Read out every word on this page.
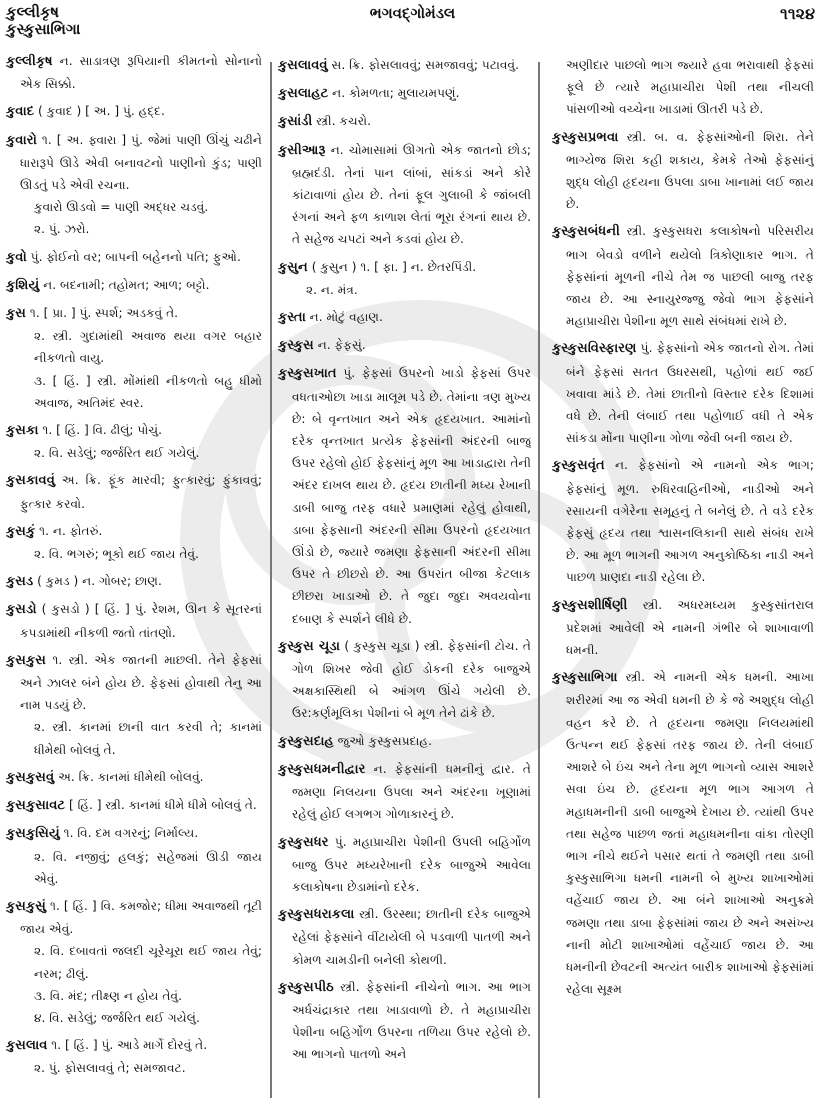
કુલ્લીકૃષ
કુસ્કુસાભિગા
ભગવદ્ગોમંડલ	૧૧૨૪
કુલ્લીકૃષ ન. સાડાત્રણ રૂપિયાની કીમતનો સોનાનો એક સિક્કો.
કુવાદ ( કુવાદ ) [ અ. ] પું. હદ્દ.
કુવારો ૧. [ અ. ફ્વારા ] પું. જેમાં પાણી ઊંચું ચઢીને ધારારૂપે ઊડે એવી બનાવટનો પાણીનો કુંડ; પાણી ઊડતું પડે એવી રચના.
કુવારો ઊડવો = પાણી અદ્ધર ચડવું.
૨. પું. ઝરો.
કુવો પું. ફોઈનો વર; બાપની બહેનનો પતિ; ફુઓ.
કુશિયું ન. બદનામી; તહોમત; આળ; બટ્ટો.
કુસ ૧. [ પ્રા. ] પું. સ્પર્શ; અડકવું તે.
૨. સ્ત્રી. ગુદામાંથી અવાજ થયા વગર બહાર નીકળતો વાયુ.
૩. [ હિં. ] સ્ત્રી. મોંમાંથી નીકળતો બહુ ધીમો અવાજ, અતિમંદ સ્વર.
કુસકા ૧. [ હિં. ] વિ. ઢીલું; પોચું.
૨. વિ. સડેલું; જર્જરિત થઈ ગયેલું.
કુસકાવવું અ. ક્રિ. ફૂંક મારવી; ફુત્કારવું; ફુંકાવવું; ફુત્કાર કરવો.
કુસકું ૧. ન. ફોતરું.
૨. વિ. ભગરું; ભૂકો થઈ જાય તેવું.
કુસડ ( કુમડ ) ન. ગોબર; છાણ.
કુસડો ( કુસડો ) [ હિં. ] પું. રેશમ, ઊન કે સૂતરનાં કપડામાંથી નીકળી જતો તાંતણો.
કુસકુસ ૧. સ્ત્રી. એક જાતની માછલી. તેને ફેફસાં અને ઝાલર બંને હોય છે. ફેફસાં હોવાથી તેનુ આ નામ પડયું છે.
૨. સ્ત્રી. કાનમાં છાની વાત કરવી તે; કાનમાં ધીમેથી બોલવું તે.
કુસકુસવું અ. ક્રિ. કાનમાં ધીમેથી બોલવું.
કુસકુસાવટ [ હિં. ] સ્ત્રી. કાનમાં ધીમે ધીમે બોલવું તે.
કુસકુસિયું ૧. વિ. દમ વગરનું; નિર્માલ્ય.
૨. વિ. નજીવું; હલકું; સહેજમાં ઊડી જાય એવું.
કુસકુસું ૧. [ હિં. ] વિ. કમજોર; ધીમા અવાજથી તૂટી જાય એવું.
૨. વિ. દબાવતાં જલદી ચૂરેચૂરા થઈ જાય તેવું; નરમ; ઢીલું.
૩. વિ. મંદ; તીક્ષ્ણ ન હોય તેવું.
૪. વિ. સડેલું; જર્જરિત થઈ ગયેલું.
કુસલાવ ૧. [ હિં. ] પું. આડે માર્ગે દોરવું તે.
૨. પું. ફોસલાવવું તે; સમજાવટ.
કુસલાવવું સ. ક્રિ. ફોસલાવવું; સમજાવવું; પટાવવું.
કુસલાહટ ન. કોમળતા; મુલાયમપણું.
કુસાંડી સ્ત્રી. કચરો.
કુસીઆરૂ ન. ચોમાસામાં ઊગતો એક જાતનો છોડ; બ્રહ્મદંડી. તેનાં પાન લાંબાં, સાંકડાં અને કોરે કાંટાવાળાં હોય છે. તેનાં ફૂલ ગુલાબી કે જાંબલી રંગનાં અને ફળ કાળાશ લેતાં ભૂરા રંગનાં થાય છે. તે સહેજ ચપટાં અને કડવાં હોય છે.
કુસુન ( કુસુન ) ૧. [ ફા. ] ન. છેતરપિંડી.
૨. ન. મંત્ર.
કુસ્તા ન. મોટું વહાણ.
કુસ્કુસ ન. ફેફસું.
કુસ્કુસખાત પું. ફેફસાં ઉપરનો ખાડો ફેફસાં ઉપર વધતાઓછા ખાડા માલૂમ પડે છે. તેમાંના ત્રણ મુખ્ય છે: બે વૃન્તખાત અને એક હૃદયખાત. આમાંનો દરેક વૃન્તખાત પ્રત્યેક ફેફસાંની અંદરની બાજુ ઉપર રહેલો હોઈ ફેફસાંનું મૂળ આ ખાડાદ્વારા તેની અંદર દાખલ થાય છે. હૃદય છાતીની મધ્ય રેખાની ડાબી બાજુ તરફ વધારે પ્રમાણમાં રહેલું હોવાથી, ડાબા ફેફસાની અંદરની સીમા ઉપરનો હૃદયખાત ઊંડો છે, જ્યારે જમણા ફેફસાની અંદરની સીમા ઉપર તે છીછરો છે. આ ઉપરાંત બીજા કેટલાક છીછરા ખાડાઓ છે. તે જુદા જુદા અવયવોના દબાણ કે સ્પર્શને લીધે છે.
કુસ્કુસ ચૂડા ( કુસ્કુસ ચૂડા ) સ્ત્રી. ફેફસાંની ટોચ. તે ગોળ શિખર જેવી હોઈ ડોકની દરેક બાજુએ અક્ષકાસ્થિથી બે આંગળ ઊંચે ગયેલી છે. ઉર:કર્ણમૂલિકા પેશીનાં બે મૂળ તેને ઢાંકે છે.
કુસ્કુસદાહ જુઓ કુસ્કુસપ્રદાહ.
કુસ્કુસધમનીદ્વાર ન. ફેફસાંની ધમનીનું દ્વાર. તે જમણા નિલયના ઉપલા અને અંદરના ખૂણામાં રહેલું હોઈ લગભગ ગોળાકારનું છે.
કુસ્કુસધર પું. મહાપ્રાચીરા પેશીની ઉપલી બહિર્ગોળ બાજુ ઉપર મધ્યરેખાની દરેક બાજુએ આવેલા કલાકોષના છેડામાંનો દરેક.
કુસ્કુસધરાકલા સ્ત્રી. ઉરસ્થા; છાતીની દરેક બાજુએ રહેલાં ફેફસાંને વીંટાયેલી બે પડવાળી પાતળી અને કોમળ ચામડીની બનેલી કોથળી.
કુસ્કુસપીઠ સ્ત્રી. ફેફસાંની નીચેનો ભાગ. આ ભાગ અર્ધચંદ્રાકાર તથા ખાડાવાળો છે. તે મહાપ્રાચીરા પેશીના બહિર્ગોળ ઉપરના તળિયા ઉપર રહેલો છે. આ ભાગનો પાતળો અને
અણીદાર પાછલો ભાગ જ્યારે હવા ભરાવાથી ફેફસાં ફૂલે છે ત્યારે મહાપ્રાચીરા પેશી તથા નીચલી પાંસળીઓ વચ્ચેના ખાડામાં ઊતરી પડે છે.
કુસ્કુસપ્રભવા સ્ત્રી. બ. વ. ફેફસાંઓની શિરા. તેને ભાગ્યેજ શિરા કહી શકાય, કેમકે તેઓ ફેફસાંનું શુદ્ધ લોહી હૃદયના ઉપલા ડાબા ખાનામાં લઈ જાય છે.
કુસ્કુસબંધની સ્ત્રી. કુસ્કુસધરા કલાકોષનો પરિસરીય ભાગ બેવડો વળીને થયેલો ત્રિકોણાકાર ભાગ. તે ફેફસાંનાં મૂળની નીચે તેમ જ પાછલી બાજુ તરફ જાય છે. આ સ્નાયુરજ્જુ જેવો ભાગ ફેફસાંને મહાપ્રાચીરા પેશીના મૂળ સાથે સંબંધમાં રાખે છે.
કુસ્કુસવિસ્ફારણ પું. ફેફસાંનો એક જાતનો રોગ. તેમાં બંને ફેફસાં સતત ઉધરસથી, પહોળાં થઈ જઈ ખવાવા માંડે છે. તેમાં છાતીનો વિસ્તાર દરેક દિશામાં વધે છે. તેની લંબાઈ તથા પહોળાઈ વધી તે એક સાંકડા મોંના પાણીના ગોળા જેવી બની જાય છે.
કુસ્કુસવૃંત ન. ફેફસાંનો એ નામનો એક ભાગ; ફેફસાંનું મૂળ. રુધિરવાહિનીઓ, નાડીઓ અને રસાયની વગેરેના સમૂહનું તે બનેલું છે. તે વડે દરેક ફેફસું હૃદય તથા શ્વાસનલિકાની સાથે સંબંધ રાખે છે. આ મૂળ ભાગની આગળ અનુકોષ્ઠિકા નાડી અને પાછળ પ્રાણદા નાડી રહેલા છે.
કુસ્કુસશીર્ષિણી સ્ત્રી. અધરમધ્યમ કુસ્કુસાંતરાલ પ્રદેશમાં આવેલી એ નામની ગંભીર બે શાખાવાળી ધમની.
કુસ્કુસાભિગા સ્ત્રી. એ નામની એક ધમની. આખા શરીરમાં આ જ એવી ધમની છે કે જે અશુદ્ધ લોહી વહન કરે છે. તે હૃદયના જમણા નિલયમાંથી ઉત્પન્ન થઈ ફેફસાં તરફ જાય છે. તેની લંબાઈ આશરે બે ઇંચ અને તેના મૂળ ભાગનો વ્યાસ આશરે સવા ઇંચ છે. હૃદયના મૂળ ભાગ આગળ તે મહાધમનીની ડાબી બાજુએ દેખાય છે. ત્યાંથી ઉપર તથા સહેજ પાછળ જતાં મહાધમનીના વાંકા તોરણી ભાગ નીચે થઈને પસાર થતાં તે જમણી તથા ડાબી કુસ્કુસાભિગા ધમની નામની બે મુખ્ય શાખાઓમાં વહેંચાઈ જાય છે. આ બંને શાખાઓ અનુક્રમે જમણા તથા ડાબા ફેફસાંમાં જાય છે અને અસંખ્ય નાની મોટી શાખાઓમાં વહેંચાઈ જાય છે. આ ધમનીની છેવટની અત્યંત બારીક શાખાઓ ફેફસાંમાં રહેલા સૂક્ષ્મ
